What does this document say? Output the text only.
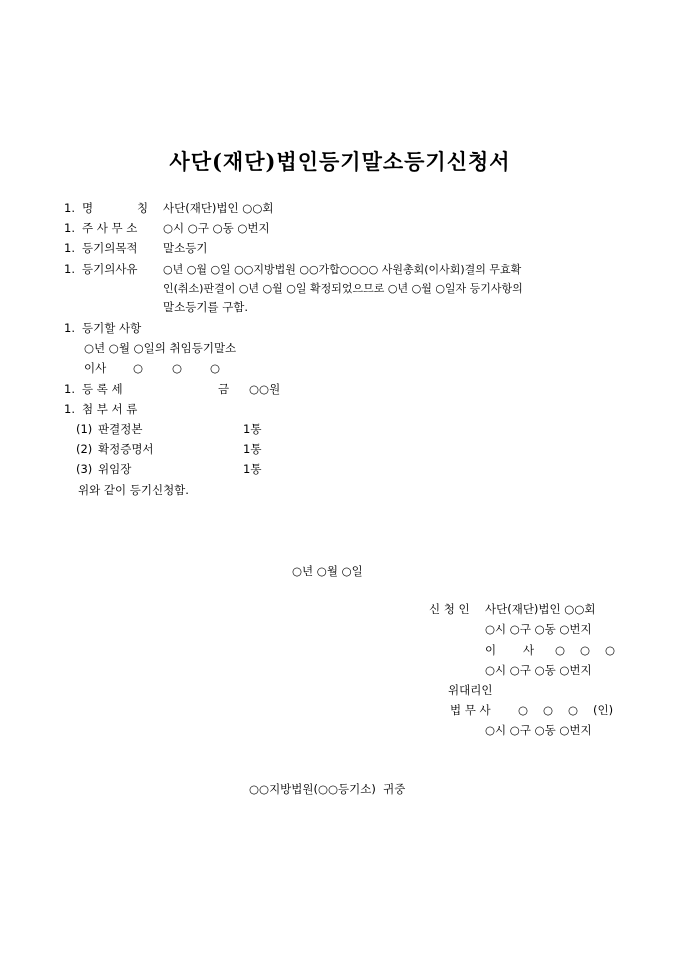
사단(재단)법인등기말소등기신청서
1. 명	칭 사단(재단)법인 ○○회
1. 주 사 무 소 ○시 ○구 ○동 ○번지
1. 등기의목적 말소등기
1. 등기의사유 ○년 ○월 ○일 ○○지방법원 ○○가합○○○○ 사원총회(이사회)결의 무효확
인(취소)판결이 ○년 ○월 ○일 확정되었으므로 ○년 ○월 ○일자 등기사항의
말소등기를 구함.
1. 등기할 사항
○년 ○월 ○일의 취임등기말소
이사 ○	○ ○
1. 등 록 세	금 ○○원
1. 첨 부 서 류
(1) 판결정본	1통
(2) 확정증명서	1통
(3) 위임장	1통
위와 같이 등기신청함.
○년 ○월 ○일
신 청 인 사단(재단)법인 ○○회
○시 ○구 ○동 ○번지
이 사 ○ ○ ○
○시 ○구 ○동 ○번지
위대리인
법 무 사 ○ ○ ○ (인)
○시 ○구 ○동 ○번지
○○지방법원(○○등기소)  귀중
